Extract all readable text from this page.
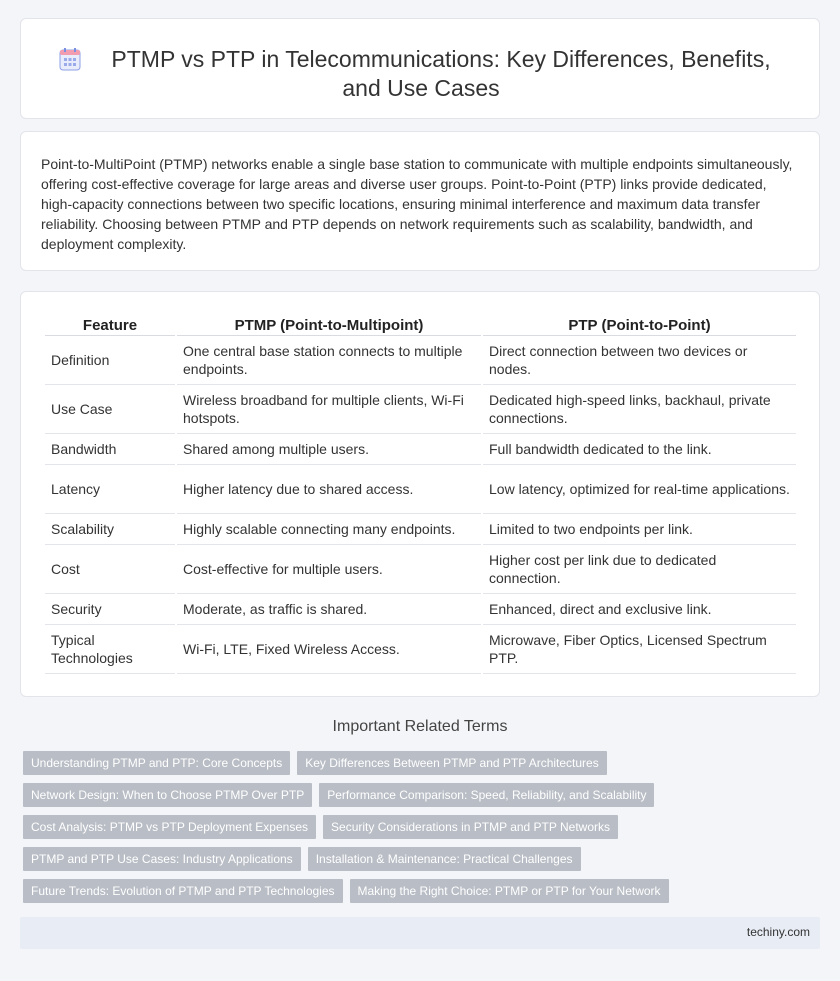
PTMP vs PTP in Telecommunications: Key Differences, Benefits,
and Use Cases

Point-to-MultiPoint (PTMP) networks enable a single base station to communicate with multiple endpoints simultaneously, offering cost-effective coverage for large areas and diverse user groups. Point-to-Point (PTP) links provide dedicated, high-capacity connections between two specific locations, ensuring minimal interference and maximum data transfer reliability. Choosing between PTMP and PTP depends on network requirements such as scalability, bandwidth, and deployment complexity.

Feature	PTMP (Point-to-Multipoint)	PTP (Point-to-Point)
Definition	One central base station connects to multiple endpoints.	Direct connection between two devices or nodes.
Use Case	Wireless broadband for multiple clients, Wi-Fi hotspots.	Dedicated high-speed links, backhaul, private connections.
Bandwidth	Shared among multiple users.	Full bandwidth dedicated to the link.
Latency	Higher latency due to shared access.	Low latency, optimized for real-time applications.
Scalability	Highly scalable connecting many endpoints.	Limited to two endpoints per link.
Cost	Cost-effective for multiple users.	Higher cost per link due to dedicated connection.
Security	Moderate, as traffic is shared.	Enhanced, direct and exclusive link.
Typical Technologies	Wi-Fi, LTE, Fixed Wireless Access.	Microwave, Fiber Optics, Licensed Spectrum PTP.
Important Related Terms
Understanding PTMP and PTP: Core Concepts	Key Differences Between PTMP and PTP Architectures
Network Design: When to Choose PTMP Over PTP	Performance Comparison: Speed, Reliability, and Scalability
Cost Analysis: PTMP vs PTP Deployment Expenses	Security Considerations in PTMP and PTP Networks
PTMP and PTP Use Cases: Industry Applications	Installation & Maintenance: Practical Challenges
Future Trends: Evolution of PTMP and PTP Technologies	Making the Right Choice: PTMP or PTP for Your Network
techiny.com
